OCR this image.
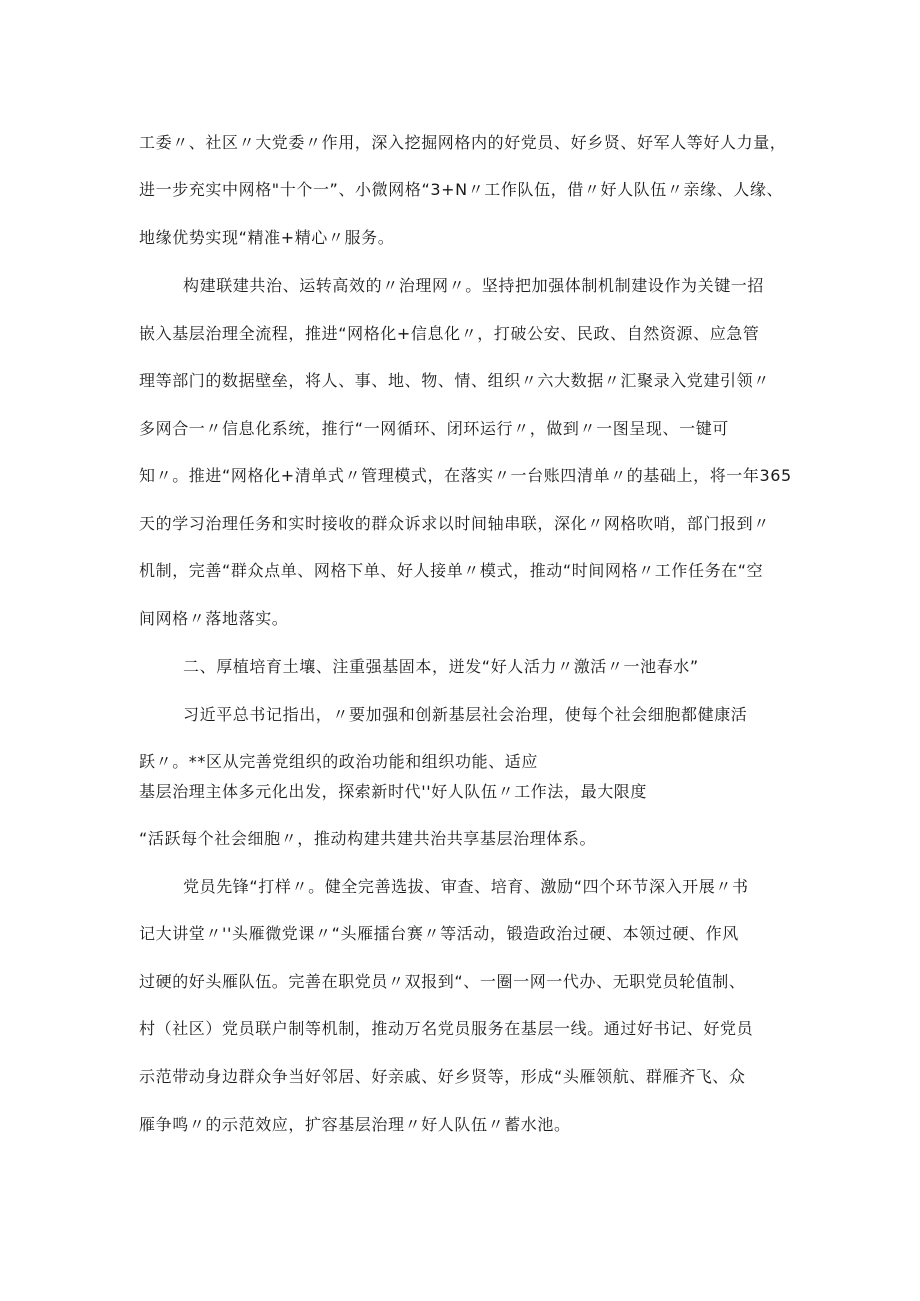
工委〃、社区〃大党委〃作用，深入挖掘网格内的好党员、好乡贤、好军人等好人力量，
进一步充实中网格"十个一”、小微网格“3+N〃工作队伍，借〃好人队伍〃亲缘、人缘、
地缘优势实现“精准+精心〃服务。
构建联建共治、运转高效的〃治理网〃。坚持把加强体制机制建设作为关键一招
嵌入基层治理全流程，推进“网格化+信息化〃，打破公安、民政、自然资源、应急管
理等部门的数据壁垒，将人、事、地、物、情、组织〃六大数据〃汇聚录入党建引领〃
多网合一〃信息化系统，推行“一网循环、闭环运行〃，做到〃一图呈现、一键可
知〃。推进“网格化+清单式〃管理模式，在落实〃一台账四清单〃的基础上，将一年365
天的学习治理任务和实时接收的群众诉求以时间轴串联，深化〃网格吹哨，部门报到〃
机制，完善“群众点单、网格下单、好人接单〃模式，推动“时间网格〃工作任务在“空
间网格〃落地落实。
二、厚植培育土壤、注重强基固本，迸发“好人活力〃激活〃一池春水”
习近平总书记指出，〃要加强和创新基层社会治理，使每个社会细胞都健康活
跃〃。**区从完善党组织的政治功能和组织功能、适应
基层治理主体多元化出发，探索新时代''好人队伍〃工作法，最大限度
“活跃每个社会细胞〃，推动构建共建共治共享基层治理体系。
党员先锋“打样〃。健全完善选拔、审查、培育、激励“四个环节深入开展〃书
记大讲堂〃''头雁微党课〃“头雁擂台赛〃等活动，锻造政治过硬、本领过硬、作风
过硬的好头雁队伍。完善在职党员〃双报到“、一圈一网一代办、无职党员轮值制、
村（社区）党员联户制等机制，推动万名党员服务在基层一线。通过好书记、好党员
示范带动身边群众争当好邻居、好亲戚、好乡贤等，形成“头雁领航、群雁齐飞、众
雁争鸣〃的示范效应，扩容基层治理〃好人队伍〃蓄水池。
